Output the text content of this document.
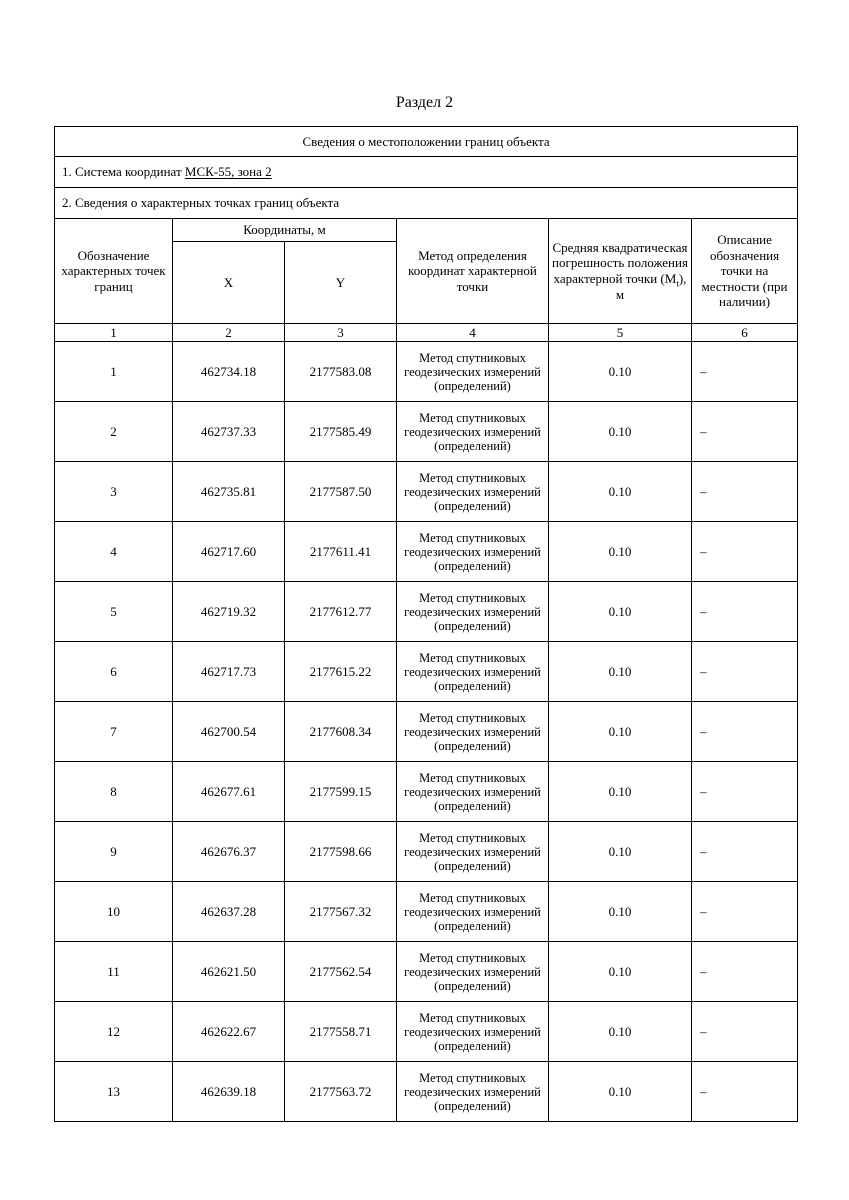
Раздел 2
Сведения о местоположении границ объекта					
1. Система координат МСК-55, зона 2					
2. Сведения о характерных точках границ объекта					
Обозначение характерных точек границ	Координаты, м		Метод определения координат характерной точки	Средняя квадратическая погрешность положения характерной точки $(М_t)$, м	Описание обозначения точки на местности (при наличии)
	X	Y			
1	2	3	4	5	6
1	462734.18	2177583.08	Метод спутниковых геодезических измерений (определений)	0.10	–
2	462737.33	2177585.49	Метод спутниковых геодезических измерений (определений)	0.10	–
3	462735.81	2177587.50	Метод спутниковых геодезических измерений (определений)	0.10	–
4	462717.60	2177611.41	Метод спутниковых геодезических измерений (определений)	0.10	–
5	462719.32	2177612.77	Метод спутниковых геодезических измерений (определений)	0.10	–
6	462717.73	2177615.22	Метод спутниковых геодезических измерений (определений)	0.10	–
7	462700.54	2177608.34	Метод спутниковых геодезических измерений (определений)	0.10	–
8	462677.61	2177599.15	Метод спутниковых геодезических измерений (определений)	0.10	–
9	462676.37	2177598.66	Метод спутниковых геодезических измерений (определений)	0.10	–
10	462637.28	2177567.32	Метод спутниковых геодезических измерений (определений)	0.10	–
11	462621.50	2177562.54	Метод спутниковых геодезических измерений (определений)	0.10	–
12	462622.67	2177558.71	Метод спутниковых геодезических измерений (определений)	0.10	–
13	462639.18	2177563.72	Метод спутниковых геодезических измерений (определений)	0.10	–
